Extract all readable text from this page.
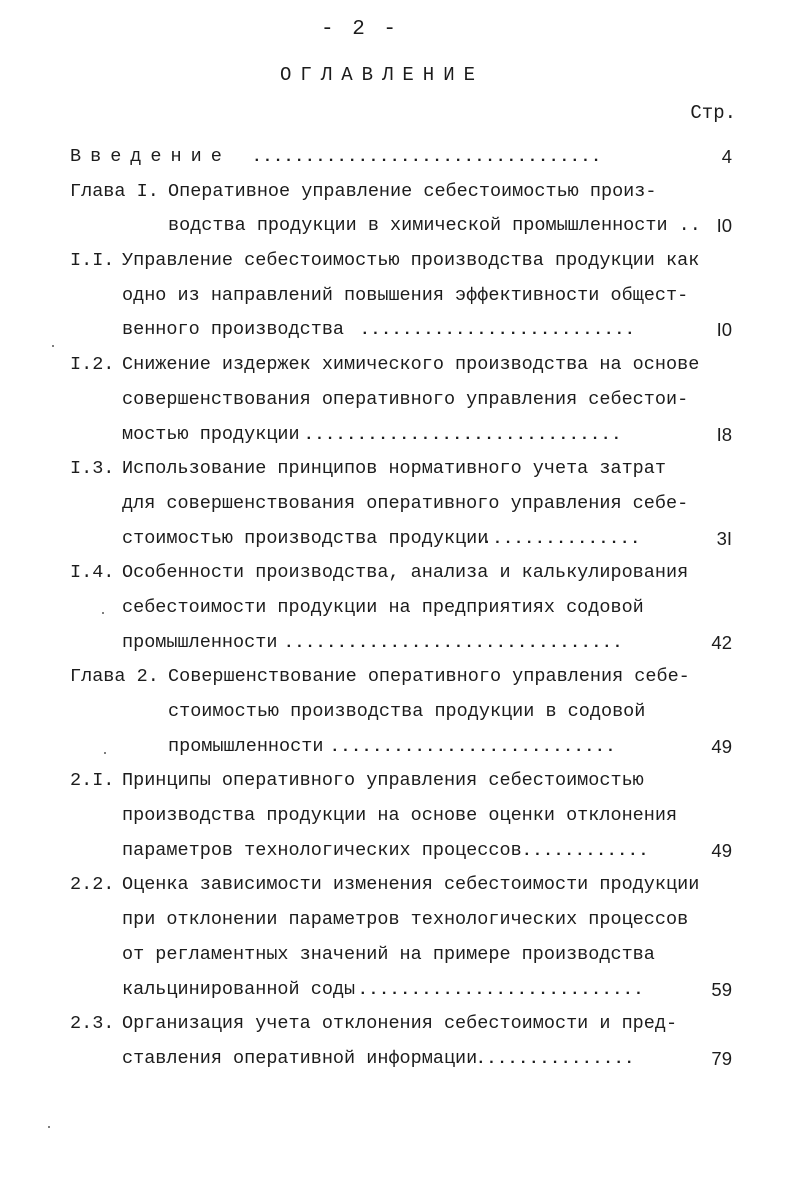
- 2 -
ОГЛАВЛЕНИЕ
Стр.
Введение .................................	4
Глава I. Оперативное управление себестоимостью произ-
водства продукции в химической промышленности .. I0
I.I. Управление себестоимостью производства продукции как
одно из направлений повышения эффективности общест-
венного производства ..........................	I0
I.2. Снижение издержек химического производства на основе
совершенствования оперативного управления себестои-
мостью продукции ..............................	I8
I.3. Использование принципов нормативного учета затрат
для совершенствования оперативного управления себе-
стоимостью производства продукции
...............	3I
I.4. Особенности производства, анализа и калькулирования
себестоимости продукции на предприятиях содовой
промышленности ................................	42
Глава 2. Совершенствование оперативного управления себе-
стоимостью производства продукции в содовой
промышленности ...........................	49
2.I. Принципы оперативного управления себестоимостью
производства продукции на основе оценки отклонения
параметров технологических процессов ............	49
2.2. Оценка зависимости изменения себестоимости продукции
при отклонении параметров технологических процессов
от регламентных значений на примере производства
кальцинированной соды ...........................	59
2.3. Организация учета отклонения себестоимости и пред-
ставления оперативной информации
...............	79
